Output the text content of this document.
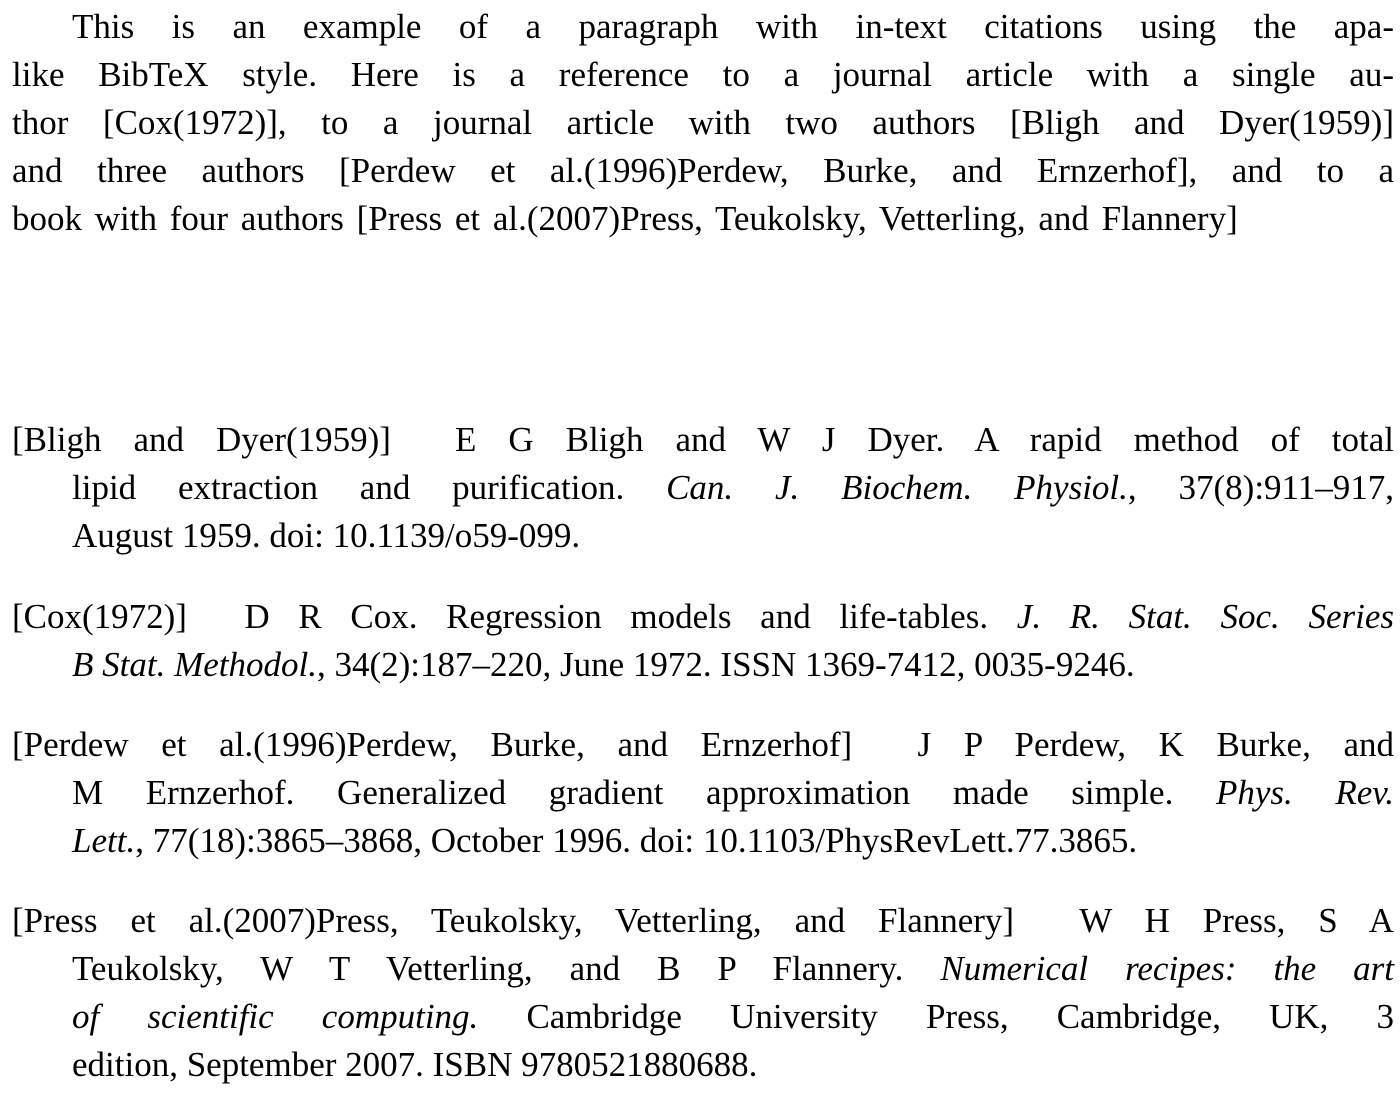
This is an example of a paragraph with in-text citations using the apa-
like BibTeX style. Here is a reference to a journal article with a single au-
thor [Cox(1972)], to a journal article with two authors [Bligh and Dyer(1959)]
and three authors [Perdew et al.(1996)Perdew, Burke, and Ernzerhof], and to a
book with four authors [Press et al.(2007)Press, Teukolsky, Vetterling, and Flannery]
[Bligh and Dyer(1959)] E G Bligh and W J Dyer. A rapid method of total
lipid extraction and purification. Can. J. Biochem. Physiol., 37(8):911–917,
August 1959. doi: 10.1139/o59-099.
[Cox(1972)] D R Cox. Regression models and life-tables. J. R. Stat. Soc. Series
B Stat. Methodol., 34(2):187–220, June 1972. ISSN 1369-7412, 0035-9246.
[Perdew et al.(1996)Perdew, Burke, and Ernzerhof] J P Perdew, K Burke, and
M Ernzerhof. Generalized gradient approximation made simple. Phys. Rev.
Lett., 77(18):3865–3868, October 1996. doi: 10.1103/PhysRevLett.77.3865.
[Press et al.(2007)Press, Teukolsky, Vetterling, and Flannery] W H Press, S A
Teukolsky, W T Vetterling, and B P Flannery. Numerical recipes: the art
of scientific computing. Cambridge University Press, Cambridge, UK, 3
edition, September 2007. ISBN 9780521880688.
